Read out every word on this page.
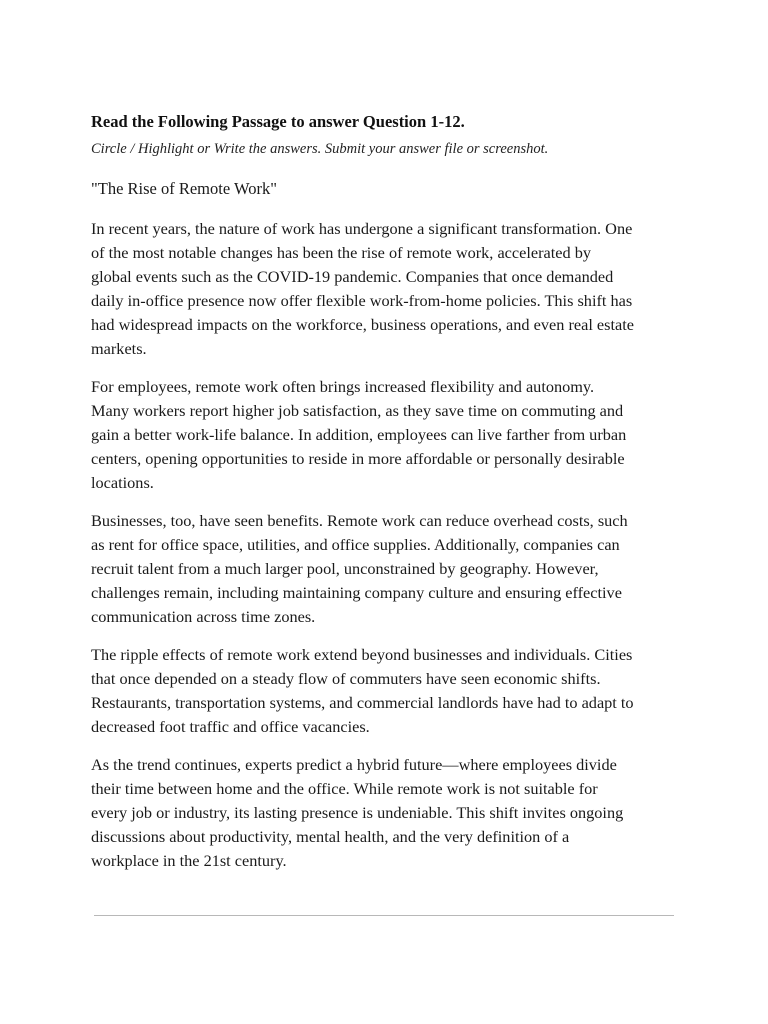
Read the Following Passage to answer Question 1-12.

Circle / Highlight or Write the answers. Submit your answer file or screenshot.

"The Rise of Remote Work"

In recent years, the nature of work has undergone a significant transformation. One
of the most notable changes has been the rise of remote work, accelerated by
global events such as the COVID-19 pandemic. Companies that once demanded
daily in-office presence now offer flexible work-from-home policies. This shift has
had widespread impacts on the workforce, business operations, and even real estate
markets.

For employees, remote work often brings increased flexibility and autonomy.
Many workers report higher job satisfaction, as they save time on commuting and
gain a better work-life balance. In addition, employees can live farther from urban
centers, opening opportunities to reside in more affordable or personally desirable
locations.

Businesses, too, have seen benefits. Remote work can reduce overhead costs, such
as rent for office space, utilities, and office supplies. Additionally, companies can
recruit talent from a much larger pool, unconstrained by geography. However,
challenges remain, including maintaining company culture and ensuring effective
communication across time zones.

The ripple effects of remote work extend beyond businesses and individuals. Cities
that once depended on a steady flow of commuters have seen economic shifts.
Restaurants, transportation systems, and commercial landlords have had to adapt to
decreased foot traffic and office vacancies.

As the trend continues, experts predict a hybrid future—where employees divide
their time between home and the office. While remote work is not suitable for
every job or industry, its lasting presence is undeniable. This shift invites ongoing
discussions about productivity, mental health, and the very definition of a
workplace in the 21st century.
